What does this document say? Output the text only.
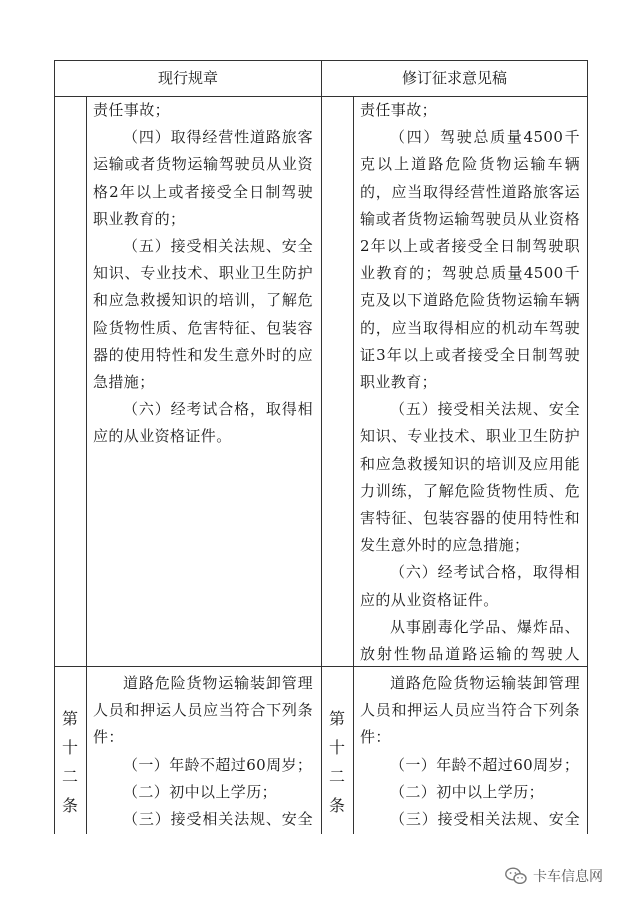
现行规章	修订征求意见稿

责任事故；

（四）取得经营性道路旅客运输或者货物运输驾驶员从业资格2年以上或者接受全日制驾驶职业教育的；

（五）接受相关法规、安全知识、专业技术、职业卫生防护和应急救援知识的培训，了解危险货物性质、危害特征、包装容器的使用特性和发生意外时的应急措施；

（六）经考试合格，取得相应的从业资格证件。

责任事故；

（四）驾驶总质量4500千克以上道路危险货物运输车辆的，应当取得经营性道路旅客运输或者货物运输驾驶员从业资格2年以上或者接受全日制驾驶职业教育的；驾驶总质量4500千克及以下道路危险货物运输车辆的，应当取得相应的机动车驾驶证3年以上或者接受全日制驾驶职业教育；

（五）接受相关法规、安全知识、专业技术、职业卫生防护和应急救援知识的培训及应用能力训练，了解危险货物性质、危害特征、包装容器的使用特性和发生意外时的应急措施；

（六）经考试合格，取得相应的从业资格证件。

从事剧毒化学品、爆炸品、放射性物品道路运输的驾驶人

第
十
二
条
第
十
二
条

道路危险货物运输装卸管理人员和押运人员应当符合下列条件：

（一）年龄不超过60周岁；

（二）初中以上学历；

（三）接受相关法规、安全

道路危险货物运输装卸管理人员和押运人员应当符合下列条件：

（一）年龄不超过60周岁；

（二）初中以上学历；

（三）接受相关法规、安全

卡车信息网
